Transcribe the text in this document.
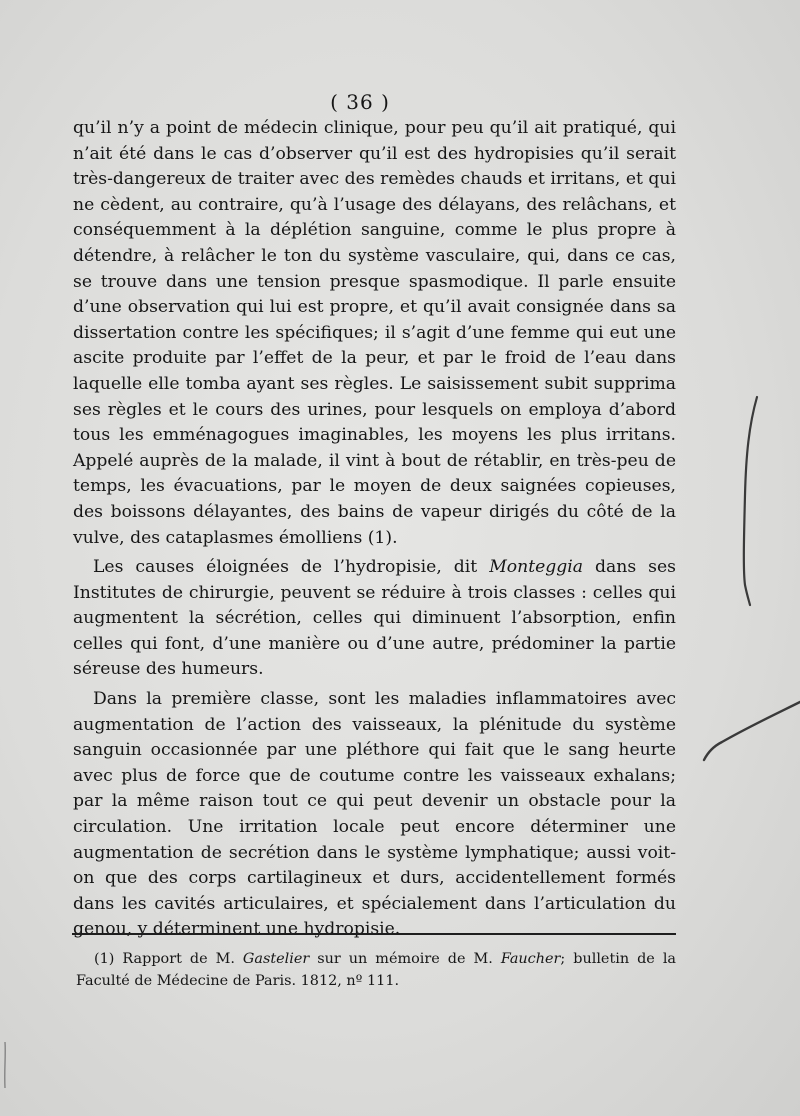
( 36 )

qu’il n’y a point de médecin clinique, pour peu qu’il ait pratiqué, qui n’ait été dans le cas d’observer qu’il est des hydropisies qu’il serait très-dangereux de traiter avec des remèdes chauds et irritans, et qui ne cèdent, au contraire, qu’à l’usage des délayans, des relâchans, et conséquemment à la déplétion sanguine, comme le plus propre à détendre, à relâcher le ton du système vasculaire, qui, dans ce cas, se trouve dans une tension presque spasmodique. Il parle ensuite d’une observation qui lui est propre, et qu’il avait consignée dans sa dissertation contre les spécifiques; il s’agit d’une femme qui eut une ascite produite par l’effet de la peur, et par le froid de l’eau dans laquelle elle tomba ayant ses règles. Le saisissement subit supprima ses règles et le cours des urines, pour lesquels on employa d’abord tous les emménagogues imaginables, les moyens les plus irritans. Appelé auprès de la malade, il vint à bout de rétablir, en très-peu de temps, les évacuations, par le moyen de deux saignées copieuses, des boissons délayantes, des bains de vapeur dirigés du côté de la vulve, des cataplasmes émolliens (1).

Les causes éloignées de l’hydropisie, dit Monteggia dans ses Institutes de chirurgie, peuvent se réduire à trois classes : celles qui augmentent la sécrétion, celles qui diminuent l’absorption, enfin celles qui font, d’une manière ou d’une autre, prédominer la partie séreuse des humeurs.

Dans la première classe, sont les maladies inflammatoires avec augmentation de l’action des vaisseaux, la plénitude du système sanguin occasionnée par une pléthore qui fait que le sang heurte avec plus de force que de coutume contre les vaisseaux exhalans; par la même raison tout ce qui peut devenir un obstacle pour la circulation. Une irritation locale peut encore déterminer une augmentation de secrétion dans le système lymphatique; aussi voit-on que des corps cartilagineux et durs, accidentellement formés dans les cavités articulaires, et spécialement dans l’articulation du genou, y déterminent une hydropisie.

(1) Rapport de M. Gastelier sur un mémoire de M. Faucher; bulletin de la Faculté de Médecine de Paris. 1812, nº 111.
